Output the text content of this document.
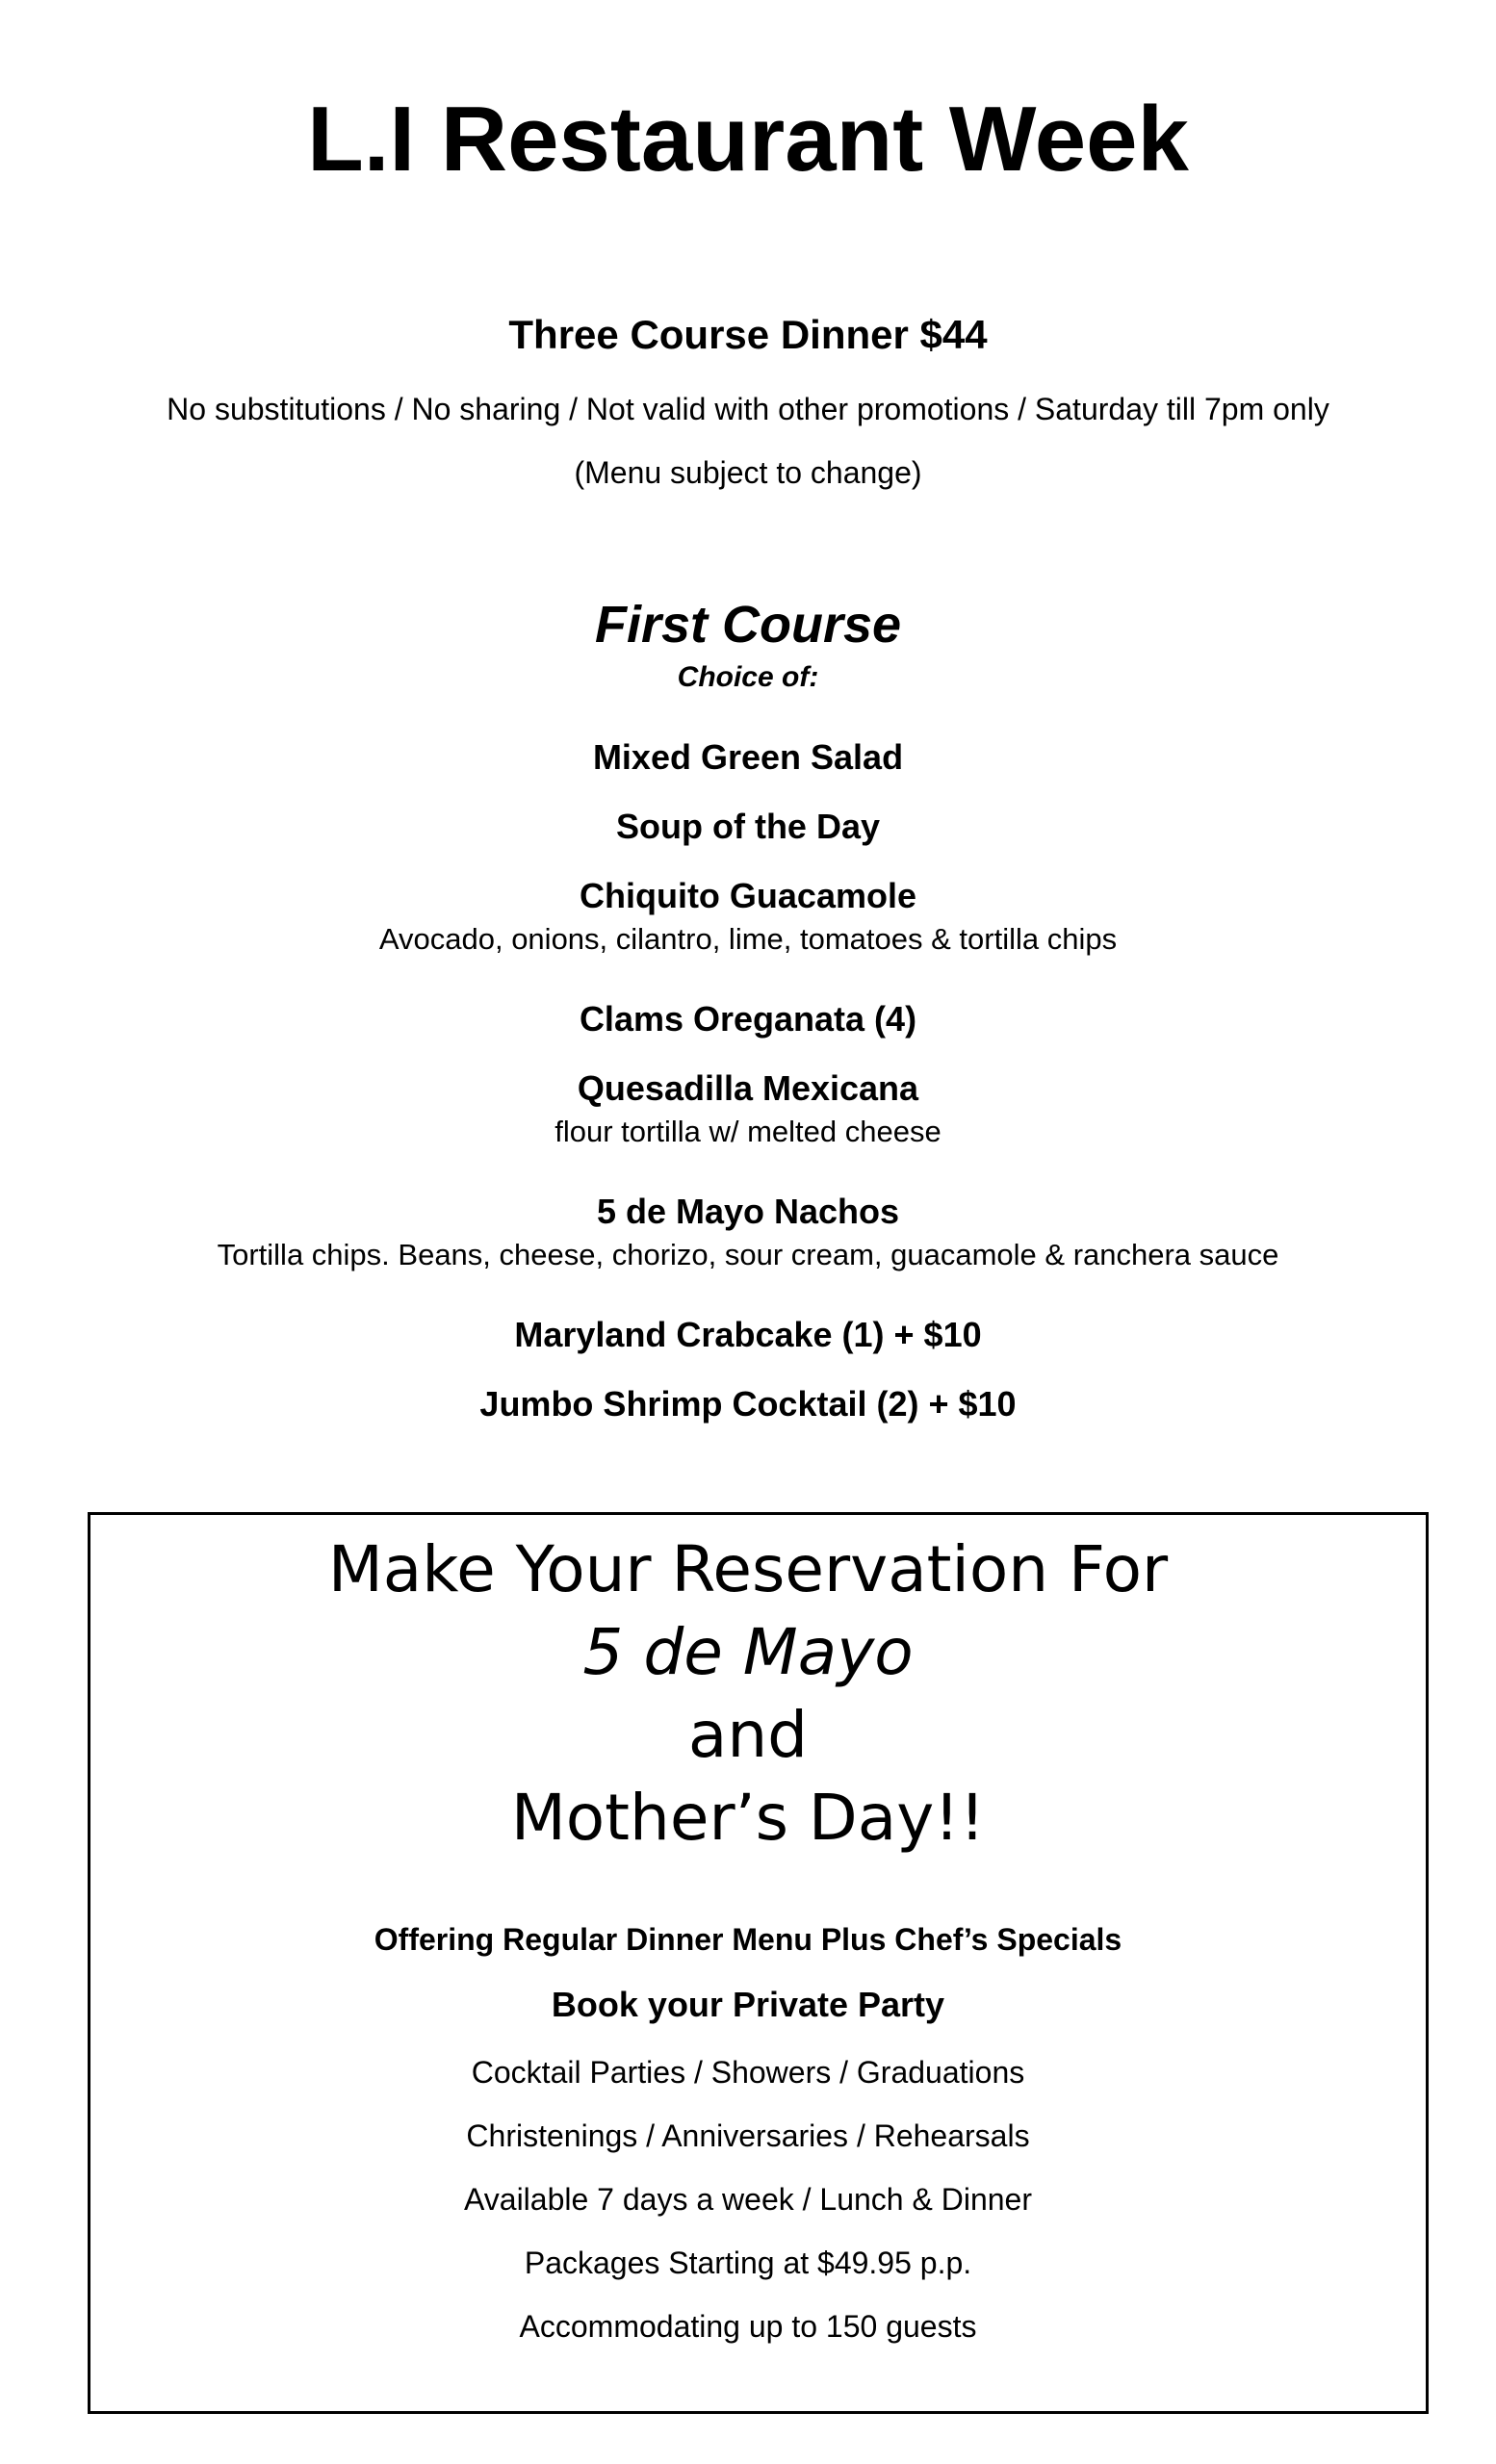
L.I Restaurant Week
Three Course Dinner $44
No substitutions / No sharing / Not valid with other promotions / Saturday till 7pm only
(Menu subject to change)
First Course
Choice of:
Mixed Green Salad
Soup of the Day
Chiquito Guacamole
Avocado, onions, cilantro, lime, tomatoes & tortilla chips
Clams Oreganata (4)
Quesadilla Mexicana
flour tortilla w/ melted cheese
5 de Mayo Nachos
Tortilla chips. Beans, cheese, chorizo, sour cream, guacamole & ranchera sauce
Maryland Crabcake (1) + $10
Jumbo Shrimp Cocktail (2) + $10
Make Your Reservation For
5 de Mayo
and
Mother’s Day!!
Offering Regular Dinner Menu Plus Chef’s Specials
Book your Private Party
Cocktail Parties / Showers / Graduations
Christenings / Anniversaries / Rehearsals
Available 7 days a week / Lunch & Dinner
Packages Starting at $49.95 p.p.
Accommodating up to 150 guests
